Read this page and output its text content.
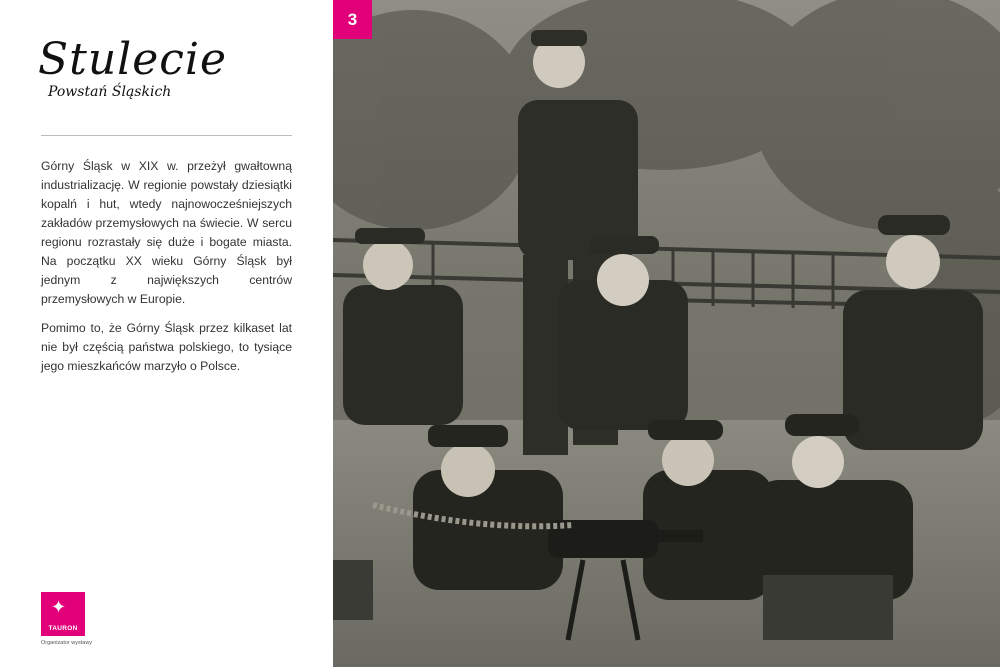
Stulecie
Powstań Śląskich

Górny Śląsk w XIX w. przeżył gwałtowną industrializację. W regionie powstały dziesiątki kopalń i hut, wtedy najnowocześniejszych zakładów przemysłowych na świecie. W sercu regionu rozrastały się duże i bogate miasta. Na początku XX wieku Górny Śląsk był jednym z największych centrów przemysłowych w Europie.

Pomimo to, że Górny Śląsk przez kilkaset lat nie był częścią państwa polskiego, to tysiące jego mieszkańców marzyło o Polsce.

✦
TAURON
Organizator wystawy
3
